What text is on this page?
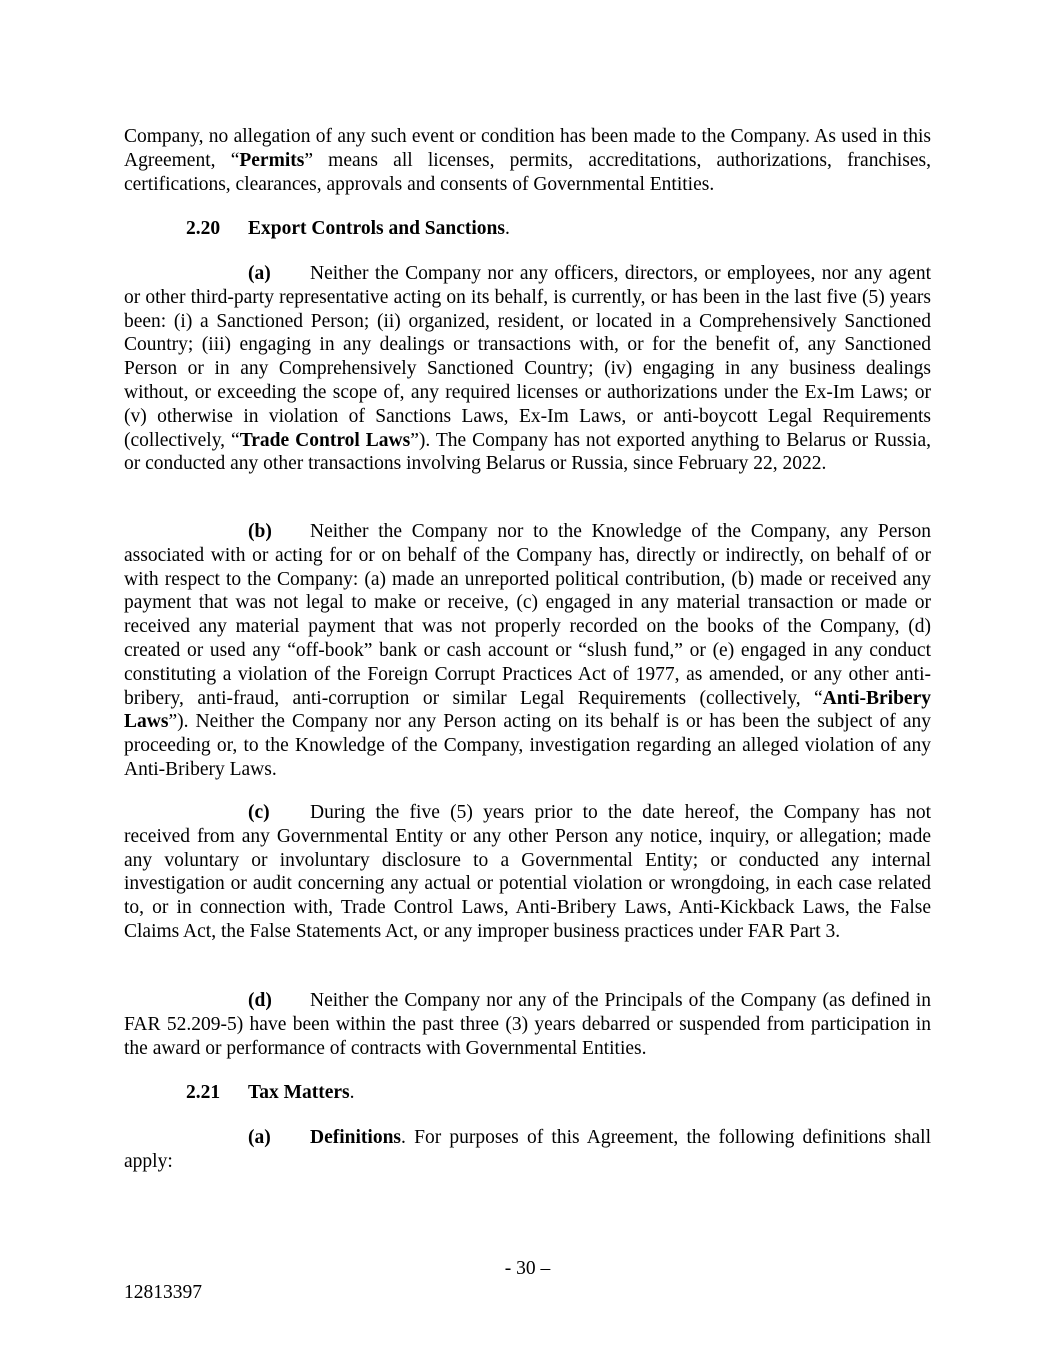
Company, no allegation of any such event or condition has been made to the Company. As used in this Agreement, “Permits” means all licenses, permits, accreditations, authorizations, franchises, certifications, clearances, approvals and consents of Governmental Entities.

2.20 Export Controls and Sanctions.

(a) Neither the Company nor any officers, directors, or employees, nor any agent or other third-party representative acting on its behalf, is currently, or has been in the last five (5) years been: (i) a Sanctioned Person; (ii) organized, resident, or located in a Comprehensively Sanctioned Country; (iii) engaging in any dealings or transactions with, or for the benefit of, any Sanctioned Person or in any Comprehensively Sanctioned Country; (iv) engaging in any business dealings without, or exceeding the scope of, any required licenses or authorizations under the Ex-Im Laws; or (v) otherwise in violation of Sanctions Laws, Ex-Im Laws, or anti-boycott Legal Requirements (collectively, “Trade Control Laws”). The Company has not exported anything to Belarus or Russia, or conducted any other transactions involving Belarus or Russia, since February 22, 2022.

(b) Neither the Company nor to the Knowledge of the Company, any Person associated with or acting for or on behalf of the Company has, directly or indirectly, on behalf of or with respect to the Company: (a) made an unreported political contribution, (b) made or received any payment that was not legal to make or receive, (c) engaged in any material transaction or made or received any material payment that was not properly recorded on the books of the Company, (d) created or used any “off-book” bank or cash account or “slush fund,” or (e) engaged in any conduct constituting a violation of the Foreign Corrupt Practices Act of 1977, as amended, or any other anti-bribery, anti-fraud, anti-corruption or similar Legal Requirements (collectively, “Anti-Bribery Laws”). Neither the Company nor any Person acting on its behalf is or has been the subject of any proceeding or, to the Knowledge of the Company, investigation regarding an alleged violation of any Anti-Bribery Laws.

(c) During the five (5) years prior to the date hereof, the Company has not received from any Governmental Entity or any other Person any notice, inquiry, or allegation; made any voluntary or involuntary disclosure to a Governmental Entity; or conducted any internal investigation or audit concerning any actual or potential violation or wrongdoing, in each case related to, or in connection with, Trade Control Laws, Anti-Bribery Laws, Anti-Kickback Laws, the False Claims Act, the False Statements Act, or any improper business practices under FAR Part 3.

(d) Neither the Company nor any of the Principals of the Company (as defined in FAR 52.209-5) have been within the past three (3) years debarred or suspended from participation in the award or performance of contracts with Governmental Entities.

2.21 Tax Matters.

(a) Definitions. For purposes of this Agreement, the following definitions shall apply:

- 30 –
12813397
